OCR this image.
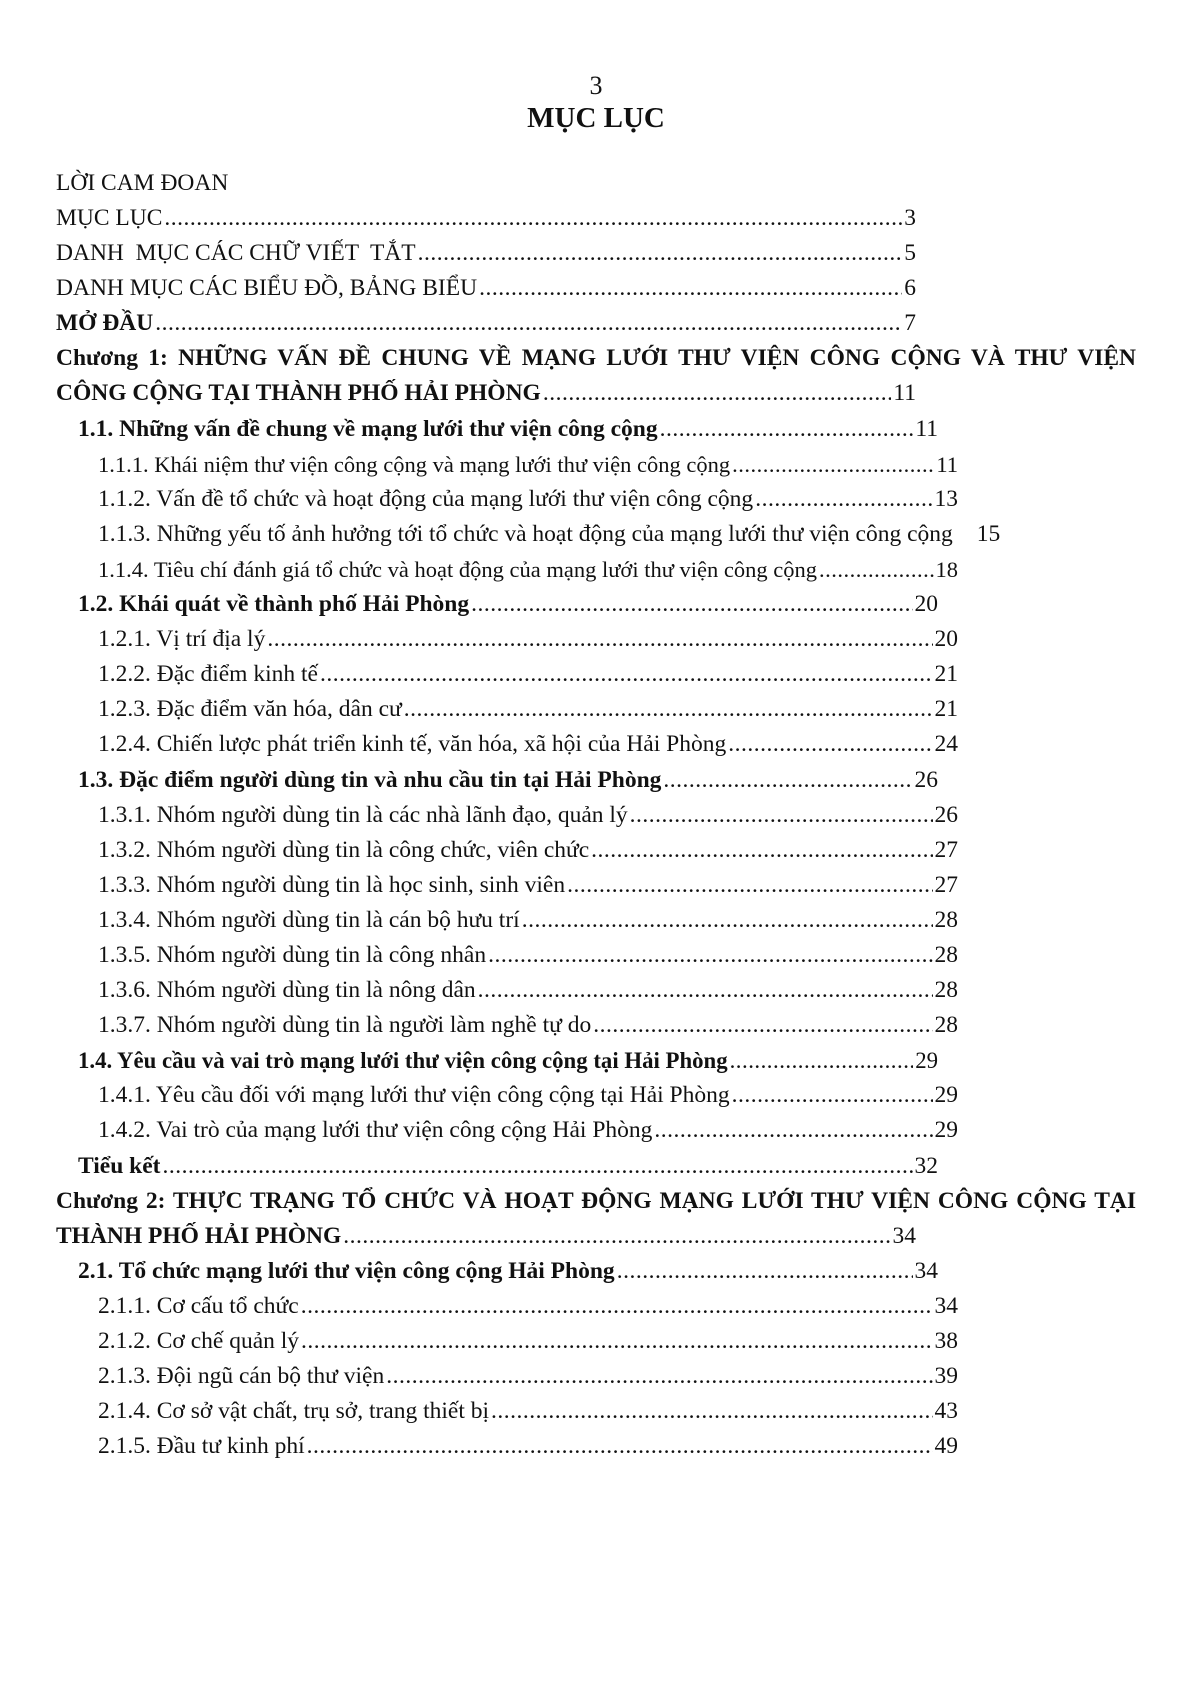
3
MỤC LỤC
LỜI CAM ĐOAN
MỤC LỤC .....	3
DANH  MỤC CÁC CHỮ VIẾT  TẮT .....	5
DANH MỤC CÁC BIỂU ĐỒ, BẢNG BIỂU .....	6
MỞ ĐẦU .....	7
Chương 1: NHỮNG VẤN ĐỀ CHUNG VỀ MẠNG LƯỚI THƯ VIỆN CÔNG CỘNG VÀ THƯ VIỆN
CÔNG CỘNG TẠI THÀNH PHỐ HẢI PHÒNG .....	11
1.1. Những vấn đề chung về mạng lưới thư viện công cộng .....	11
1.1.1. Khái niệm thư viện công cộng và mạng lưới thư viện công cộng .....	11
1.1.2. Vấn đề tổ chức và hoạt động của mạng lưới thư viện công cộng .....	13
1.1.3. Những yếu tố ảnh hưởng tới tổ chức và hoạt động của mạng lưới thư viện công cộng 15
1.1.4. Tiêu chí đánh giá tổ chức và hoạt động của mạng lưới thư viện công cộng .....	18
1.2. Khái quát về thành phố Hải Phòng .....	20
1.2.1. Vị trí địa lý .....	20
1.2.2. Đặc điểm kinh tế .....	21
1.2.3. Đặc điểm văn hóa, dân cư .....	21
1.2.4. Chiến lược phát triển kinh tế, văn hóa, xã hội của Hải Phòng .....	24
1.3. Đặc điểm người dùng tin và nhu cầu tin tại Hải Phòng .....	26
1.3.1. Nhóm người dùng tin là các nhà lãnh đạo, quản lý .....	26
1.3.2. Nhóm người dùng tin là công chức, viên chức .....	27
1.3.3. Nhóm người dùng tin là học sinh, sinh viên .....	27
1.3.4. Nhóm người dùng tin là cán bộ hưu trí .....	28
1.3.5. Nhóm người dùng tin là công nhân .....	28
1.3.6. Nhóm người dùng tin là nông dân .....	28
1.3.7. Nhóm người dùng tin là người làm nghề tự do .....	28
1.4. Yêu cầu và vai trò mạng lưới thư viện công cộng tại Hải Phòng .....	29
1.4.1. Yêu cầu đối với mạng lưới thư viện công cộng tại Hải Phòng .....	29
1.4.2. Vai trò của mạng lưới thư viện công cộng Hải Phòng .....	29
Tiểu kết .....	32
Chương 2: THỰC TRẠNG TỔ CHỨC VÀ HOẠT ĐỘNG MẠNG LƯỚI THƯ VIỆN CÔNG CỘNG TẠI
THÀNH PHỐ HẢI PHÒNG .....	34
2.1. Tổ chức mạng lưới thư viện công cộng Hải Phòng .....	34
2.1.1. Cơ cấu tổ chức .....	34
2.1.2. Cơ chế quản lý .....	38
2.1.3. Đội ngũ cán bộ thư viện .....	39
2.1.4. Cơ sở vật chất, trụ sở, trang thiết bị .....	43
2.1.5. Đầu tư kinh phí .....	49
